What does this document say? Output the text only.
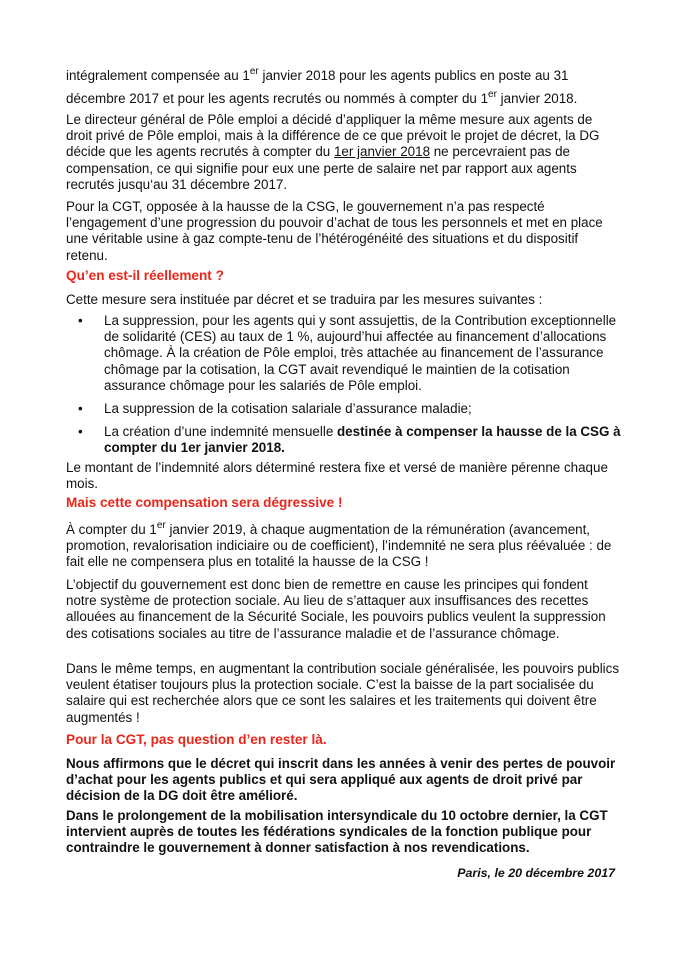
intégralement compensée au 1er janvier 2018 pour les agents publics en poste au 31 décembre 2017 et pour les agents recrutés ou nommés à compter du 1er janvier 2018.

Le directeur général de Pôle emploi a décidé d’appliquer la même mesure aux agents de droit privé de Pôle emploi, mais à la différence de ce que prévoit le projet de décret, la DG décide que les agents recrutés à compter du 1er janvier 2018 ne percevraient pas de compensation, ce qui signifie pour eux une perte de salaire net par rapport aux agents recrutés jusqu‘au 31 décembre 2017.

Pour la CGT, opposée à la hausse de la CSG, le gouvernement n’a pas respecté l’engagement d’une progression du pouvoir d’achat de tous les personnels et met en place une véritable usine à gaz compte-tenu de l’hétérogénéité des situations et du dispositif retenu.

Qu’en est-il réellement ?

Cette mesure sera instituée par décret et se traduira par les mesures suivantes :

• La suppression, pour les agents qui y sont assujettis, de la Contribution exceptionnelle de solidarité (CES) au taux de 1 %, aujourd’hui affectée au financement d’allocations chômage. À la création de Pôle emploi, très attachée au financement de l’assurance chômage par la cotisation, la CGT avait revendiqué le maintien de la cotisation assurance chômage pour les salariés de Pôle emploi.
• La suppression de la cotisation salariale d’assurance maladie;
• La création d’une indemnité mensuelle destinée à compenser la hausse de la CSG à compter du 1er janvier 2018.

Le montant de l’indemnité alors déterminé restera fixe et versé de manière pérenne chaque mois.

Mais cette compensation sera dégressive !

À compter du 1er janvier 2019, à chaque augmentation de la rémunération (avancement, promotion, revalorisation indiciaire ou de coefficient), l’indemnité ne sera plus réévaluée : de fait elle ne compensera plus en totalité la hausse de la CSG !

L’objectif du gouvernement est donc bien de remettre en cause les principes qui fondent notre système de protection sociale. Au lieu de s’attaquer aux insuffisances des recettes allouées au financement de la Sécurité Sociale, les pouvoirs publics veulent la suppression des cotisations sociales au titre de l’assurance maladie et de l’assurance chômage.

Dans le même temps, en augmentant la contribution sociale généralisée, les pouvoirs publics veulent étatiser toujours plus la protection sociale. C’est la baisse de la part socialisée du salaire qui est recherchée alors que ce sont les salaires et les traitements qui doivent être augmentés !

Pour la CGT, pas question d’en rester là.

Nous affirmons que le décret qui inscrit dans les années à venir des pertes de pouvoir d’achat pour les agents publics et qui sera appliqué aux agents de droit privé par décision de la DG doit être amélioré.

Dans le prolongement de la mobilisation intersyndicale du 10 octobre dernier, la CGT intervient auprès de toutes les fédérations syndicales de la fonction publique pour contraindre le gouvernement à donner satisfaction à nos revendications.

Paris, le 20 décembre 2017
